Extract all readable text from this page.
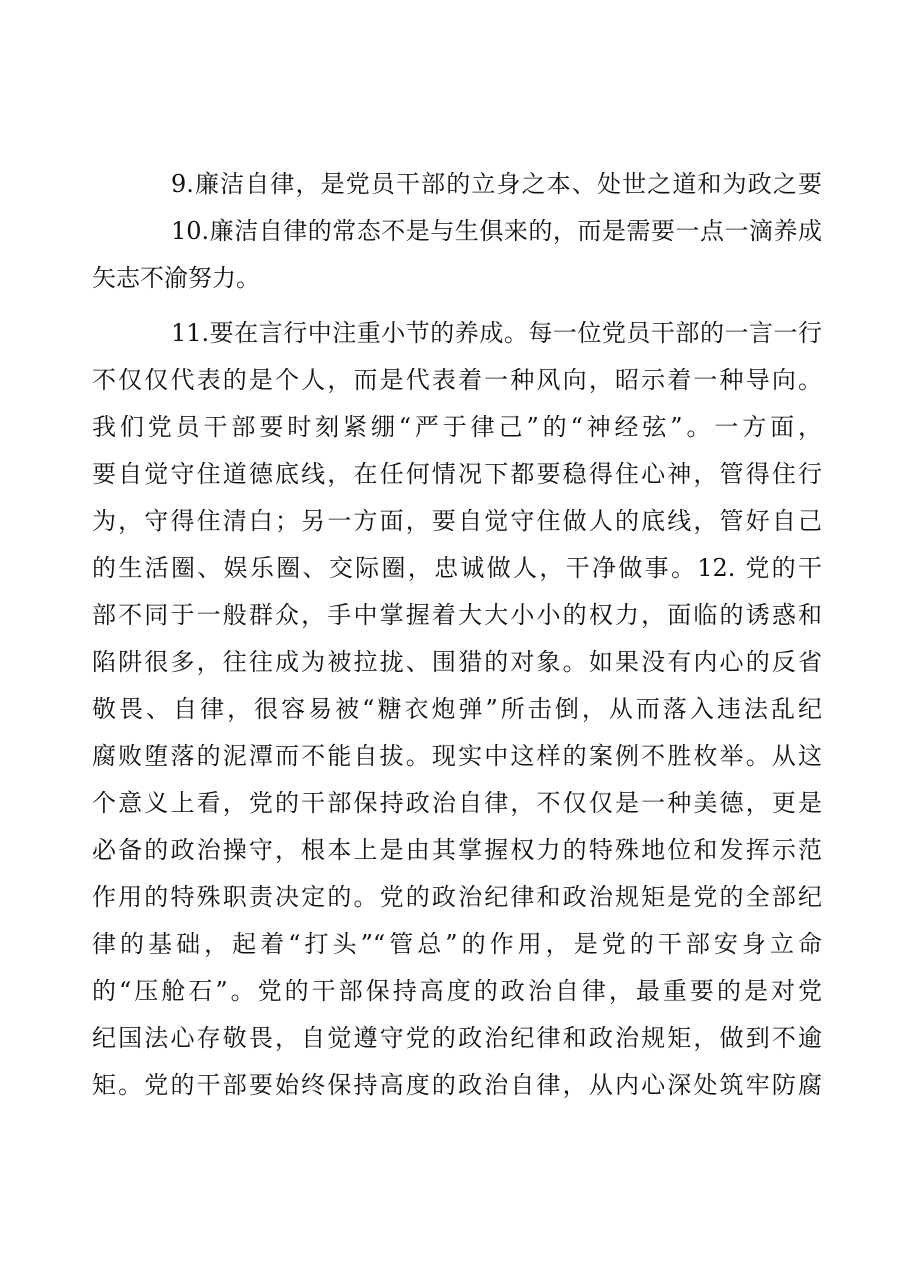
9.廉洁自律，是党员干部的立身之本、处世之道和为政之要
10.廉洁自律的常态不是与生俱来的，而是需要一点一滴养成
矢志不渝努力。
11.要在言行中注重小节的养成。每一位党员干部的一言一行
不仅仅代表的是个人，而是代表着一种风向，昭示着一种导向。
我们党员干部要时刻紧绷“严于律己”的“神经弦”。一方面，
要自觉守住道德底线，在任何情况下都要稳得住心神，管得住行
为，守得住清白；另一方面，要自觉守住做人的底线，管好自己
的生活圈、娱乐圈、交际圈，忠诚做人，干净做事。12. 党的干
部不同于一般群众，手中掌握着大大小小的权力，面临的诱惑和
陷阱很多，往往成为被拉拢、围猎的对象。如果没有内心的反省
敬畏、自律，很容易被“糖衣炮弹”所击倒，从而落入违法乱纪
腐败堕落的泥潭而不能自拔。现实中这样的案例不胜枚举。从这
个意义上看，党的干部保持政治自律，不仅仅是一种美德，更是
必备的政治操守，根本上是由其掌握权力的特殊地位和发挥示范
作用的特殊职责决定的。党的政治纪律和政治规矩是党的全部纪
律的基础，起着“打头”“管总”的作用，是党的干部安身立命
的“压舱石”。党的干部保持高度的政治自律，最重要的是对党
纪国法心存敬畏，自觉遵守党的政治纪律和政治规矩，做到不逾
矩。党的干部要始终保持高度的政治自律，从内心深处筑牢防腐
